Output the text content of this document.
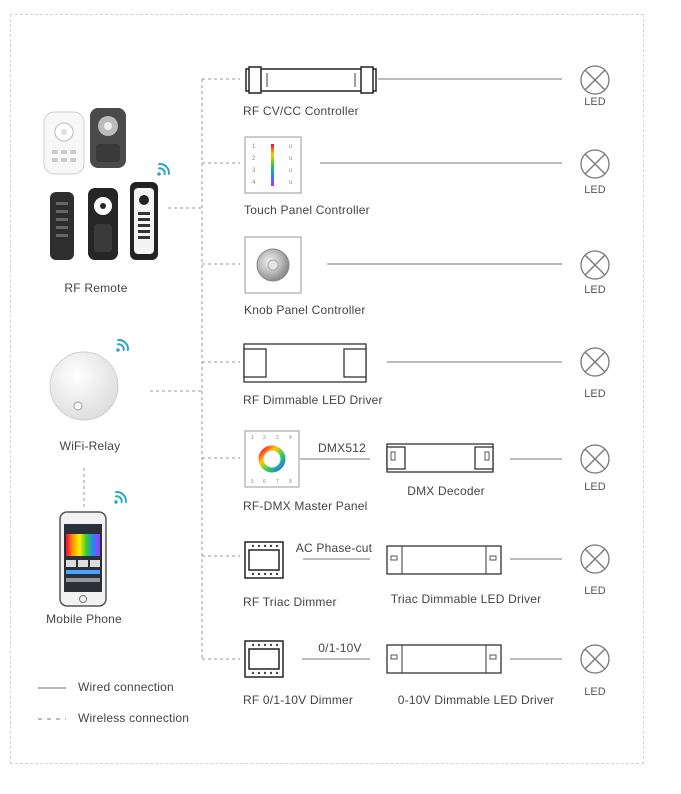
RF Remote
WiFi-Relay
Mobile Phone
RF CV/CC Controller
1
2
3
4
o
o
o
o
Touch Panel Controller
Knob Panel Controller
RF Dimmable LED Driver
1 2 3 4
5 6 7 8
RF-DMX Master Panel
DMX512
DMX Decoder
RF Triac Dimmer
AC Phase-cut
Triac Dimmable LED Driver
RF 0/1-10V Dimmer
0/1-10V
0-10V Dimmable LED Driver
LED
LED
LED
LED
LED
LED
LED
Wired connection
Wireless connection
